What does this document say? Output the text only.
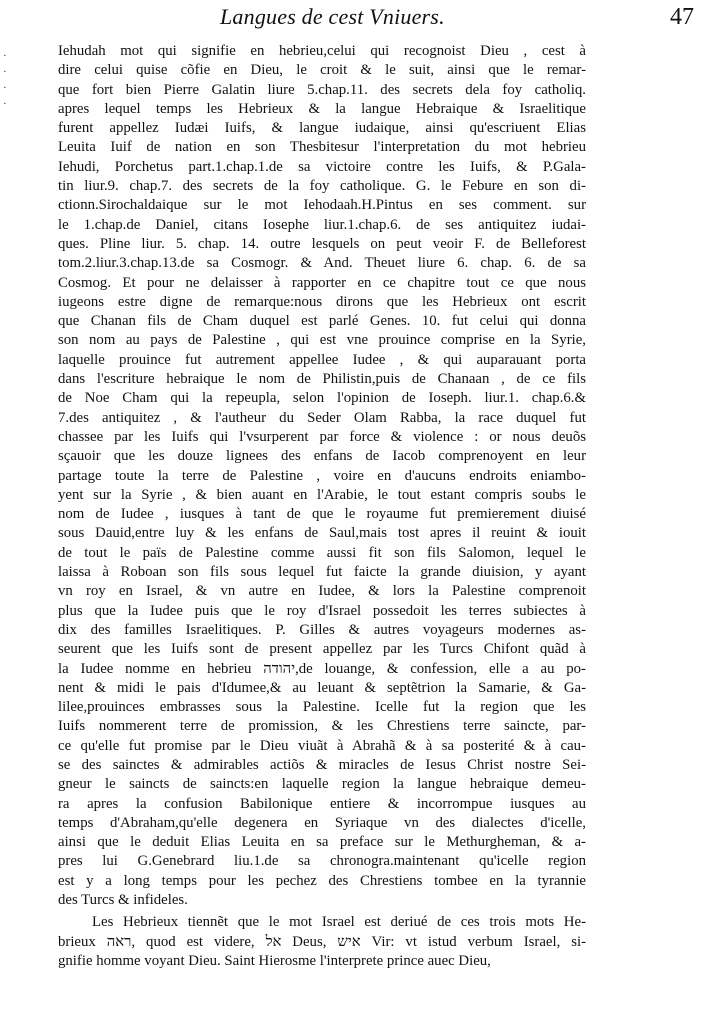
Langues de cest Vniuers.	47
·
·
·
·
Iehudah mot qui signifie en hebrieu,celui qui recognoist Dieu , cest à
dire celui quise cõfie en Dieu, le croit & le suit, ainsi que le remar-
que fort bien Pierre Galatin liure 5.chap.11. des secrets dela foy catholiq.
apres lequel temps les Hebrieux & la langue Hebraique & Israelitique
furent appellez Iudæi Iuifs, & langue iudaique, ainsi qu'escriuent Elias
Leuita Iuif de nation en son Thesbitesur l'interpretation du mot hebrieu
Iehudi, Porchetus part.1.chap.1.de sa victoire contre les Iuifs, & P.Gala-
tin liur.9. chap.7. des secrets de la foy catholique. G. le Febure en son di-
ctionn.Sirochaldaique sur le mot Iehodaah.H.Pintus en ses comment. sur
le 1.chap.de Daniel, citans Iosephe liur.1.chap.6. de ses antiquitez iudai-
ques. Pline liur. 5. chap. 14. outre lesquels on peut veoir F. de Belleforest
tom.2.liur.3.chap.13.de sa Cosmogr. & And. Theuet liure 6. chap. 6. de sa
Cosmog. Et pour ne delaisser à rapporter en ce chapitre tout ce que nous
iugeons estre digne de remarque:nous dirons que les Hebrieux ont escrit
que Chanan fils de Cham duquel est parlé Genes. 10. fut celui qui donna
son nom au pays de Palestine , qui est vne prouince comprise en la Syrie,
laquelle prouince fut autrement appellee Iudee , & qui auparauant porta
dans l'escriture hebraique le nom de Philistin,puis de Chanaan , de ce fils
de Noe Cham qui la repeupla, selon l'opinion de Ioseph. liur.1. chap.6.&
7.des antiquitez , & l'autheur du Seder Olam Rabba, la race duquel fut
chassee par les Iuifs qui l'vsurperent par force & violence : or nous deuõs
sçauoir que les douze lignees des enfans de Iacob comprenoyent en leur
partage toute la terre de Palestine , voire en d'aucuns endroits eniambo-
yent sur la Syrie , & bien auant en l'Arabie, le tout estant compris soubs le
nom de Iudee , iusques à tant de que le royaume fut premierement diuisé
sous Dauid,entre luy & les enfans de Saul,mais tost apres il reuint & iouit
de tout le païs de Palestine comme aussi fit son fils Salomon, lequel le
laissa à Roboan son fils sous lequel fut faicte la grande diuision, y ayant
vn roy en Israel, & vn autre en Iudee, & lors la Palestine comprenoit
plus que la Iudee puis que le roy d'Israel possedoit les terres subiectes à
dix des familles Israelitiques. P. Gilles & autres voyageurs modernes as-
seurent que les Iuifs sont de present appellez par les Turcs Chifont quãd à
la Iudee nomme en hebrieu יהודה,de louange, & confession, elle a au po-
nent & midi le pais d'Idumee,& au leuant & septẽtrion la Samarie, & Ga-
lilee,prouinces embrasses sous la Palestine. Icelle fut la region que les
Iuifs nommerent terre de promission, & les Chrestiens terre saincte, par-
ce qu'elle fut promise par le Dieu viuãt à Abrahã & à sa posterité & à cau-
se des sainctes & admirables actiõs & miracles de Iesus Christ nostre Sei-
gneur le saincts de saincts:en laquelle region la langue hebraique demeu-
ra apres la confusion Babilonique entiere & incorrompue iusques au
temps d'Abraham,qu'elle degenera en Syriaque vn des dialectes d'icelle,
ainsi que le deduit Elias Leuita en sa preface sur le Methurgheman, & a-
pres lui G.Genebrard liu.1.de sa chronogra.maintenant qu'icelle region
est y a long temps pour les pechez des Chrestiens tombee en la tyrannie
des Turcs & infideles.
Les Hebrieux tiennẽt que le mot Israel est deriué de ces trois mots He-
brieux ראה, quod est videre, אל Deus, איש Vir: vt istud verbum Israel, si-
gnifie homme voyant Dieu. Saint Hierosme l'interprete prince auec Dieu,
